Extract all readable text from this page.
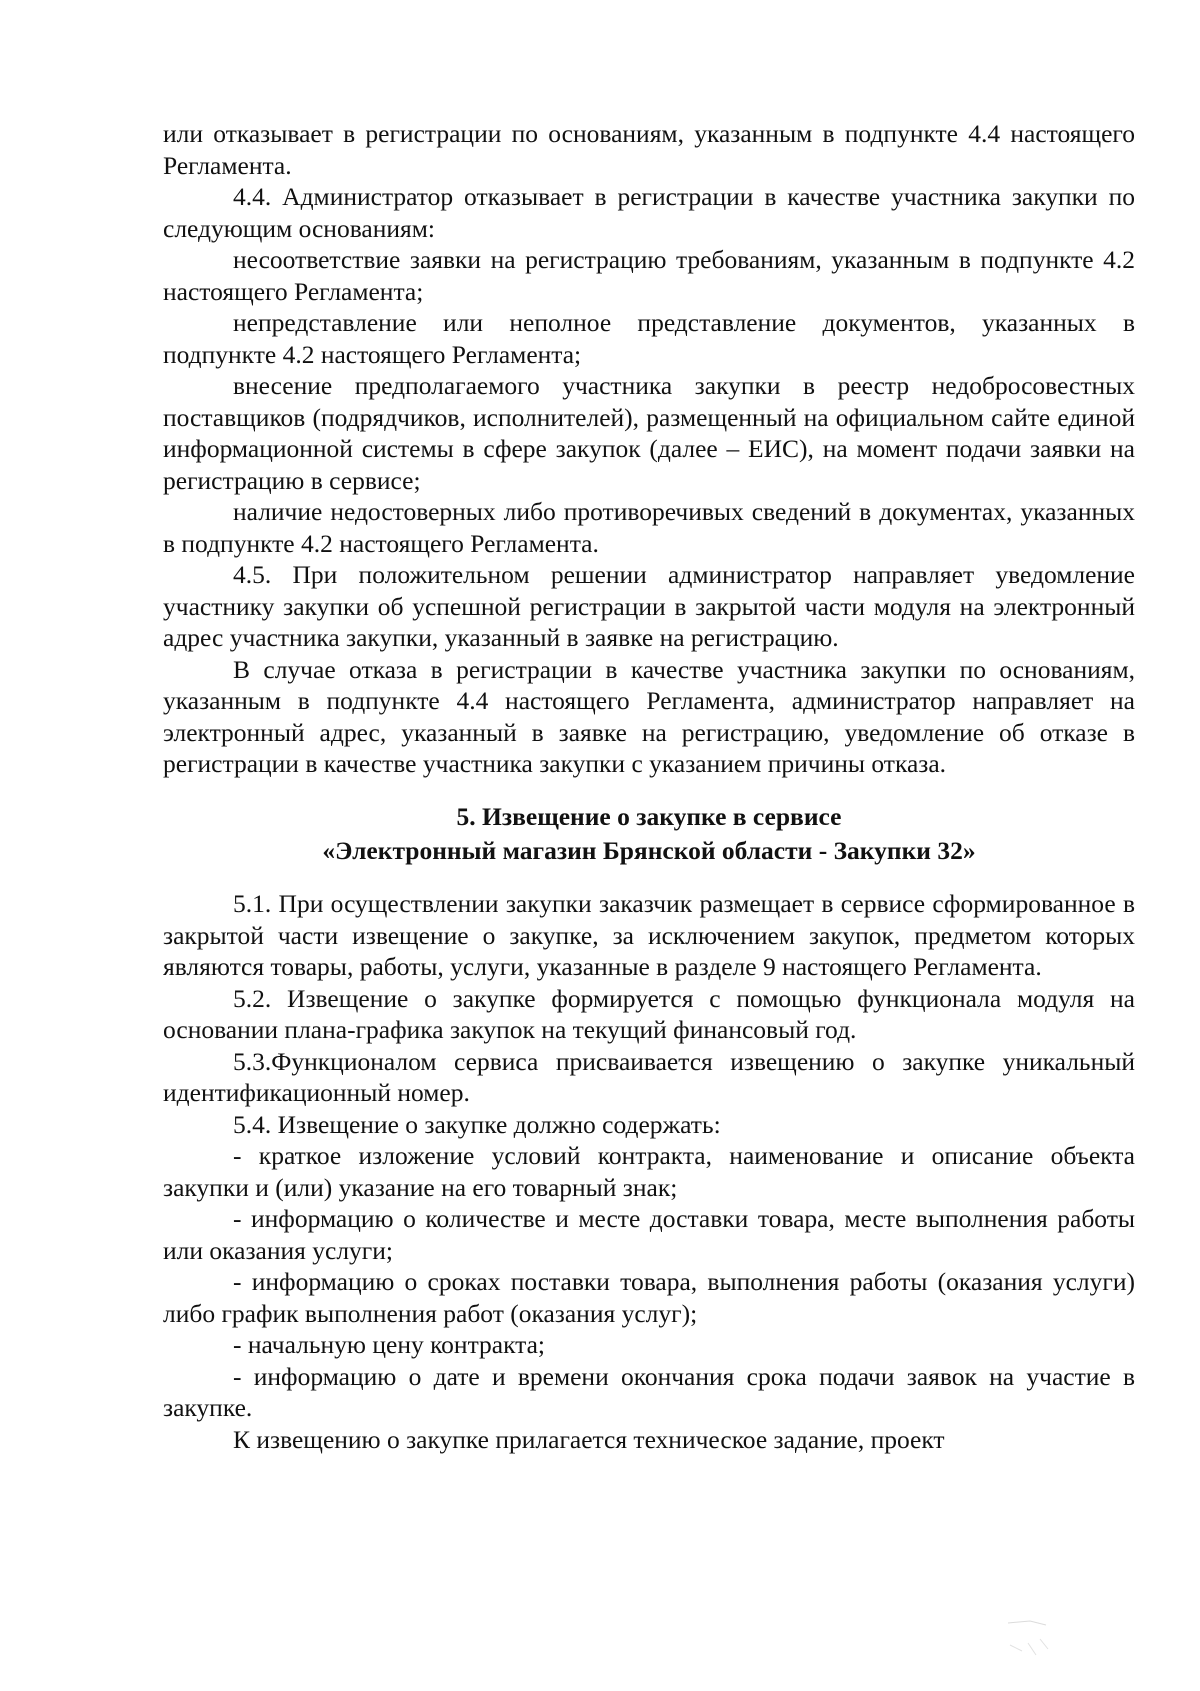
или отказывает в регистрации по основаниям, указанным в подпункте 4.4 настоящего Регламента.

4.4. Администратор отказывает в регистрации в качестве участника закупки по следующим основаниям:

несоответствие заявки на регистрацию требованиям, указанным в подпункте 4.2 настоящего Регламента;

непредставление или неполное представление документов, указанных в подпункте 4.2 настоящего Регламента;

внесение предполагаемого участника закупки в реестр недобросовестных поставщиков (подрядчиков, исполнителей), размещенный на официальном сайте единой информационной системы в сфере закупок (далее – ЕИС), на момент подачи заявки на регистрацию в сервисе;

наличие недостоверных либо противоречивых сведений в документах, указанных в подпункте 4.2 настоящего Регламента.

4.5. При положительном решении администратор направляет уведомление участнику закупки об успешной регистрации в закрытой части модуля на электронный адрес участника закупки, указанный в заявке на регистрацию.

В случае отказа в регистрации в качестве участника закупки по основаниям, указанным в подпункте 4.4 настоящего Регламента, администратор направляет на электронный адрес, указанный в заявке на регистрацию, уведомление об отказе в регистрации в качестве участника закупки с указанием причины отказа.

5. Извещение о закупке в сервисе
«Электронный магазин Брянской области - Закупки 32»

5.1. При осуществлении закупки заказчик размещает в сервисе сформированное в закрытой части извещение о закупке, за исключением закупок, предметом которых являются товары, работы, услуги, указанные в разделе 9 настоящего Регламента.

5.2. Извещение о закупке формируется с помощью функционала модуля на основании плана-графика закупок на текущий финансовый год.

5.3.Функционалом сервиса присваивается извещению о закупке уникальный идентификационный номер.

5.4. Извещение о закупке должно содержать:

- краткое изложение условий контракта, наименование и описание объекта закупки и (или) указание на его товарный знак;

- информацию о количестве и месте доставки товара, месте выполнения работы или оказания услуги;

- информацию о сроках поставки товара, выполнения работы (оказания услуги) либо график выполнения работ (оказания услуг);

- начальную цену контракта;

- информацию о дате и времени окончания срока подачи заявок на участие в закупке.

К извещению о закупке прилагается техническое задание, проект
